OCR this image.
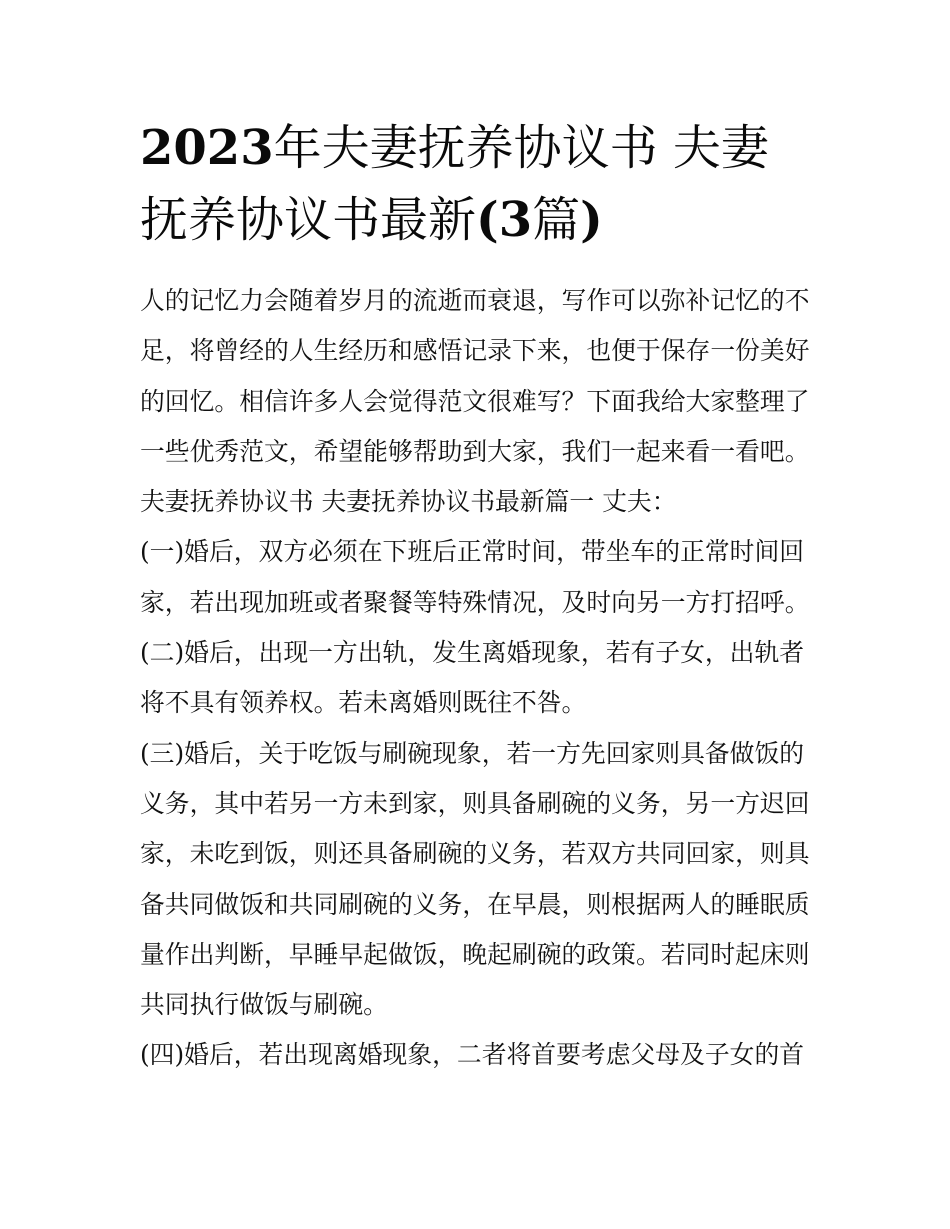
2023年夫妻抚养协议书 夫妻
抚养协议书最新(3篇)
人的记忆力会随着岁月的流逝而衰退，写作可以弥补记忆的不
足，将曾经的人生经历和感悟记录下来，也便于保存一份美好
的回忆。相信许多人会觉得范文很难写？下面我给大家整理了
一些优秀范文，希望能够帮助到大家，我们一起来看一看吧。
夫妻抚养协议书 夫妻抚养协议书最新篇一 丈夫：
(一)婚后，双方必须在下班后正常时间，带坐车的正常时间回
家，若出现加班或者聚餐等特殊情况，及时向另一方打招呼。
(二)婚后，出现一方出轨，发生离婚现象，若有子女，出轨者
将不具有领养权。若未离婚则既往不咎。
(三)婚后，关于吃饭与刷碗现象，若一方先回家则具备做饭的
义务，其中若另一方未到家，则具备刷碗的义务，另一方迟回
家，未吃到饭，则还具备刷碗的义务，若双方共同回家，则具
备共同做饭和共同刷碗的义务，在早晨，则根据两人的睡眠质
量作出判断，早睡早起做饭，晚起刷碗的政策。若同时起床则
共同执行做饭与刷碗。
(四)婚后，若出现离婚现象，二者将首要考虑父母及子女的首
